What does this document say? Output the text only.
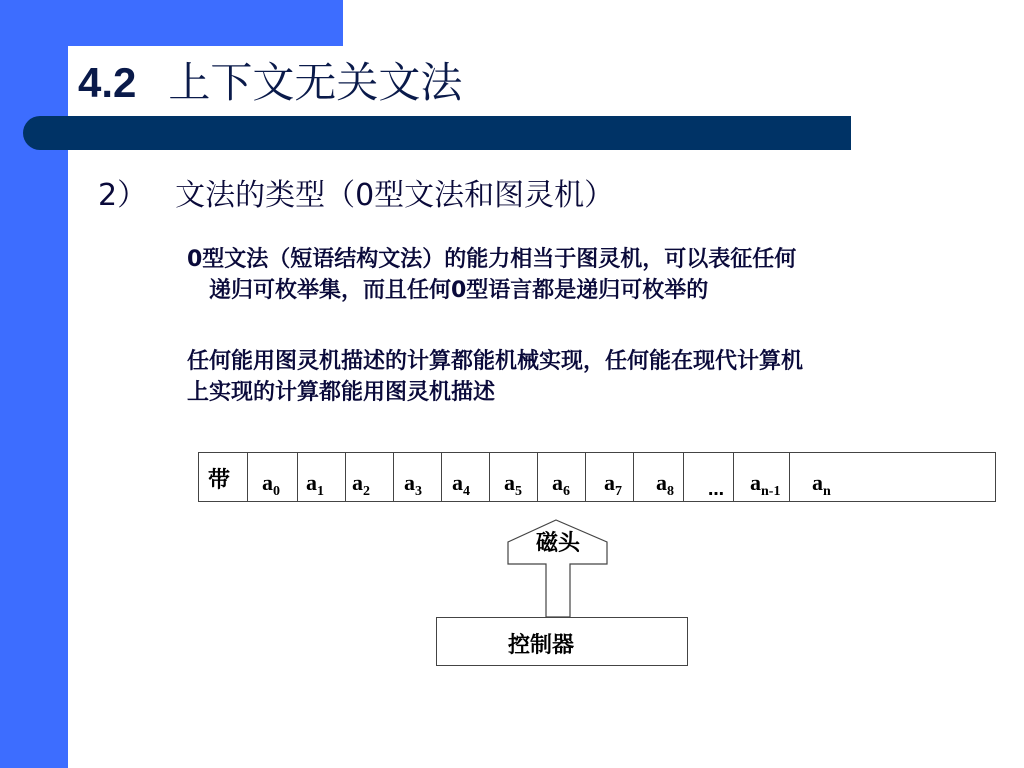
4.2 上下文无关文法
2） 文法的类型（0型文法和图灵机）
0型文法（短语结构文法）的能力相当于图灵机，可以表征任何
递归可枚举集，而且任何0型语言都是递归可枚举的
任何能用图灵机描述的计算都能机械实现，任何能在现代计算机
上实现的计算都能用图灵机描述
带 $a_0$ $a_1$ $a_2$ $a_3$ $a_4$ $a_5$ $a_6$ $a_7$ $a_8$ … $a_{n-1}$ $a_n$
磁头
控制器
